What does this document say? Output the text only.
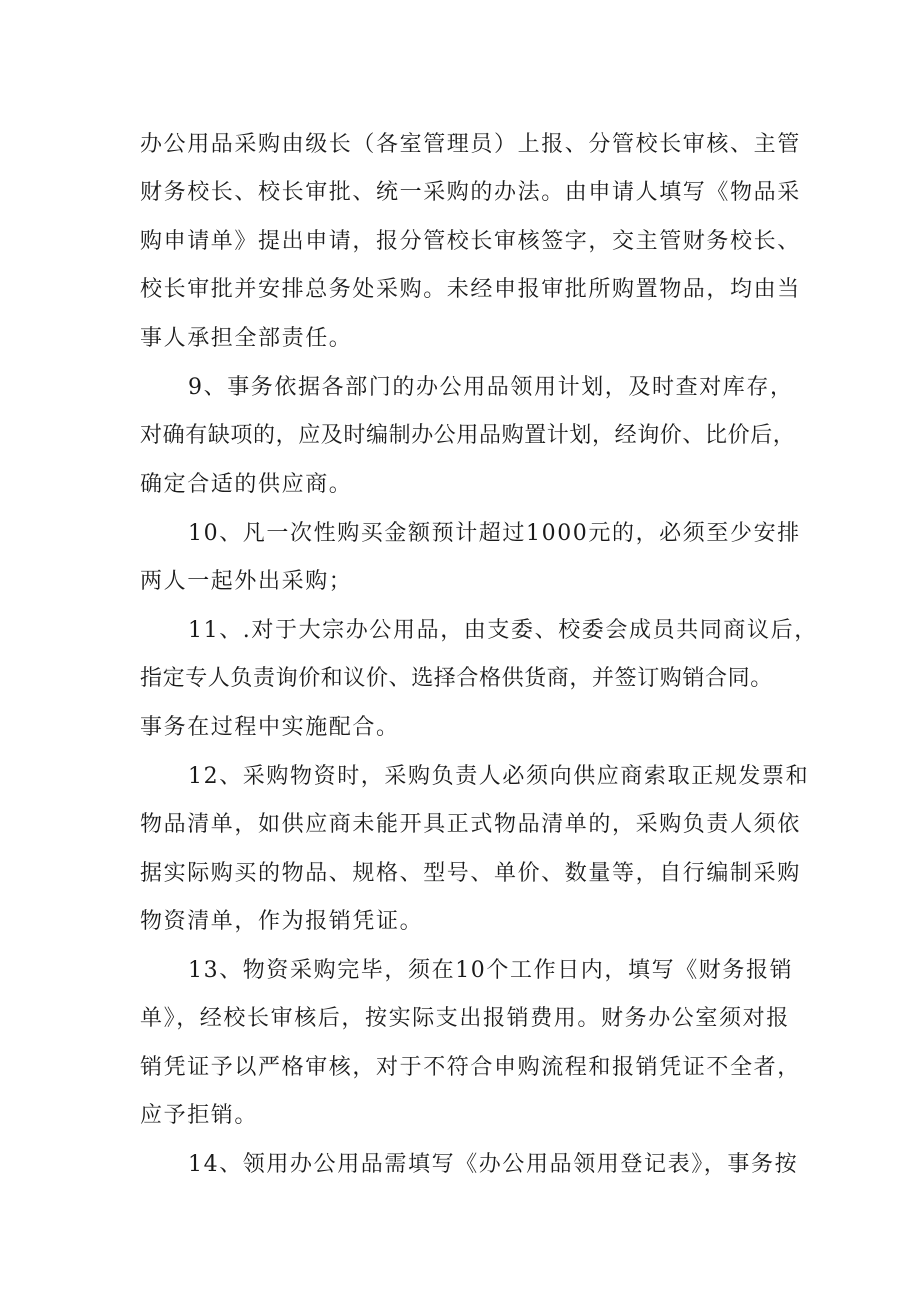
办公用品采购由级长（各室管理员）上报、分管校长审核、主管

财务校长、校长审批、统一采购的办法。由申请人填写《物品采

购申请单》提出申请，报分管校长审核签字，交主管财务校长、

校长审批并安排总务处采购。未经申报审批所购置物品，均由当

事人承担全部责任。

9、事务依据各部门的办公用品领用计划，及时查对库存，

对确有缺项的，应及时编制办公用品购置计划，经询价、比价后，

确定合适的供应商。

10、凡一次性购买金额预计超过1000元的，必须至少安排

两人一起外出采购；

11、.对于大宗办公用品，由支委、校委会成员共同商议后，

指定专人负责询价和议价、选择合格供货商，并签订购销合同。

事务在过程中实施配合。

12、采购物资时，采购负责人必须向供应商索取正规发票和

物品清单，如供应商未能开具正式物品清单的，采购负责人须依

据实际购买的物品、规格、型号、单价、数量等，自行编制采购

物资清单，作为报销凭证。

13、物资采购完毕，须在10个工作日内，填写《财务报销

单》，经校长审核后，按实际支出报销费用。财务办公室须对报

销凭证予以严格审核，对于不符合申购流程和报销凭证不全者，

应予拒销。

14、领用办公用品需填写《办公用品领用登记表》，事务按
